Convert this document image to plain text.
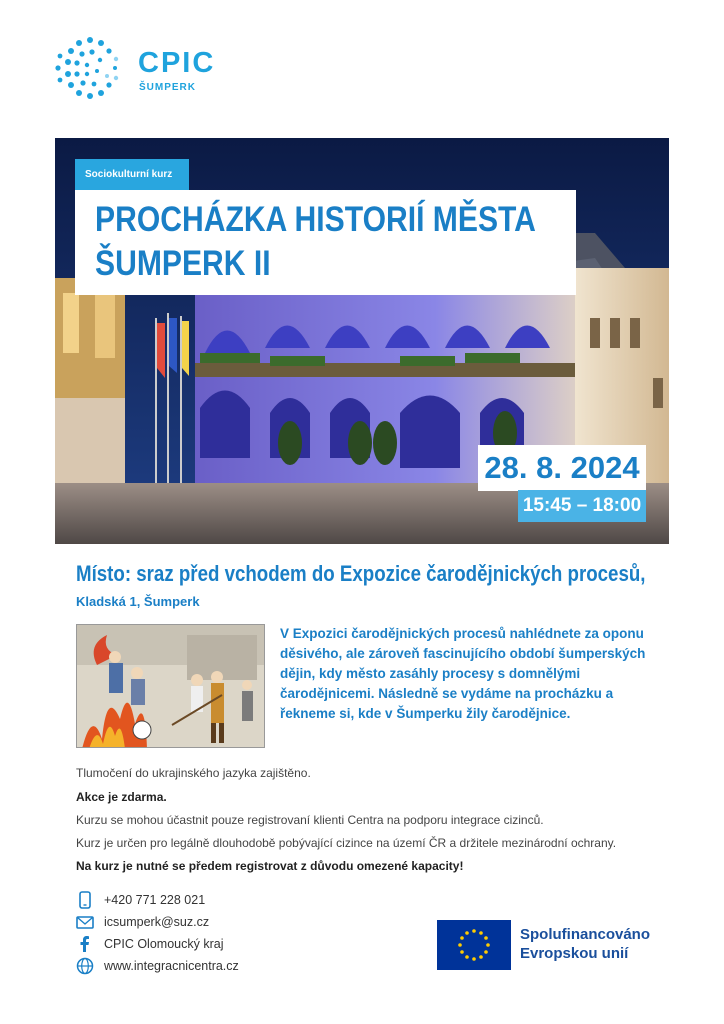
CPIC
ŠUMPERK
Sociokulturní kurz
PROCHÁZKA HISTORIÍ MĚSTA
ŠUMPERK II
28. 8. 2024
15:45 – 18:00
Místo: sraz před vchodem do Expozice čarodějnických procesů,
Kladská 1, Šumperk
V Expozici čarodějnických procesů nahlédnete za oponu děsivého, ale zároveň fascinujícího období šumperských dějin, kdy město zasáhly procesy s domnělými čarodějnicemi. Následně se vydáme na procházku a řekneme si, kde v Šumperku žily čarodějnice.
Tlumočení do ukrajinského jazyka zajištěno.
Akce je zdarma.
Kurzu se mohou účastnit pouze registrovaní klienti Centra na podporu integrace cizinců.
Kurz je určen pro legálně dlouhodobě pobývající cizince na území ČR a držitele mezinárodní ochrany.
Na kurz je nutné se předem registrovat z důvodu omezené kapacity!
+420 771 228 021
icsumperk@suz.cz
CPIC Olomoucký kraj
www.integracnicentra.cz
Spolufinancováno
Evropskou unií
